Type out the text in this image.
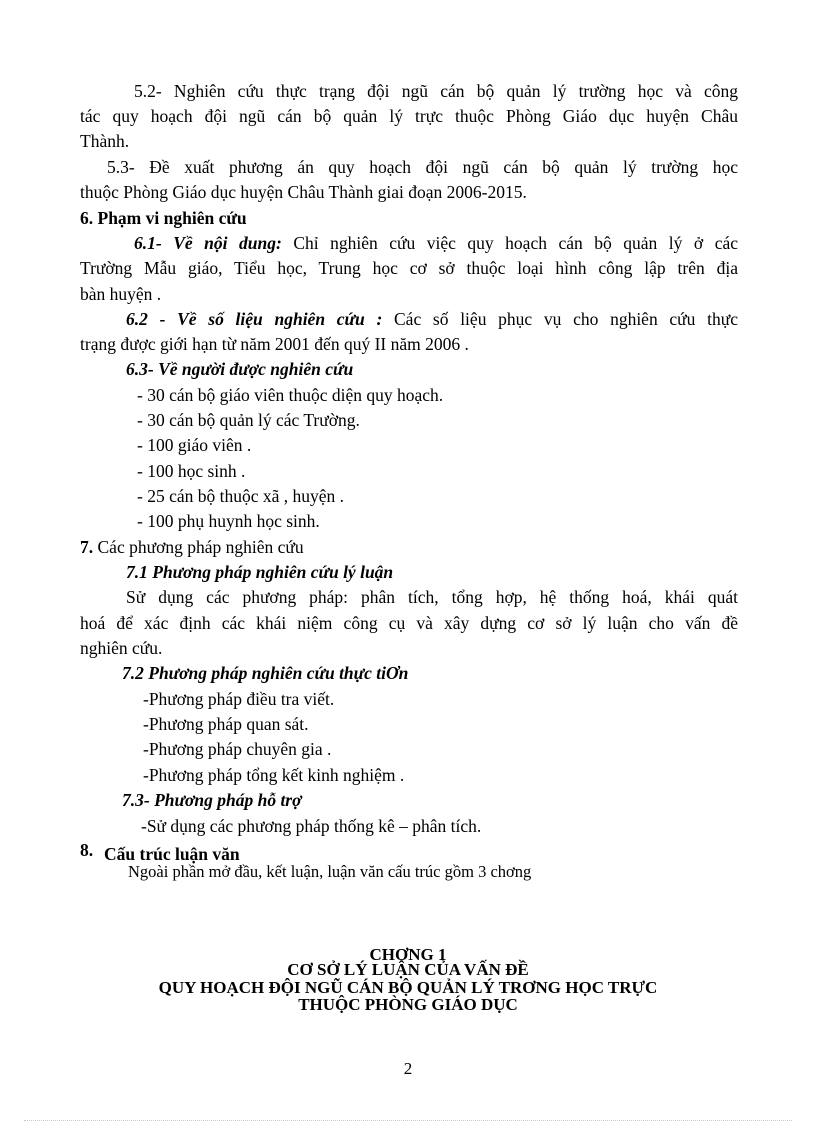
5.2- Nghiên cứu thực trạng đội ngũ cán bộ quản lý trường học và công
tác quy hoạch đội ngũ cán bộ quản lý trực thuộc Phòng Giáo dục huyện Châu
Thành.
5.3- Đề xuất phương án quy hoạch đội ngũ cán bộ quản lý trường học
thuộc Phòng Giáo dục huyện Châu Thành giai đoạn 2006-2015.
6. Phạm vi nghiên cứu
6.1- Về nội dung: Chỉ nghiên cứu việc quy hoạch cán bộ quản lý ở các
Trường Mẫu giáo, Tiểu học, Trung học cơ sở thuộc loại hình công lập trên địa
bàn huyện .
6.2 - Về số liệu nghiên cứu : Các số liệu phục vụ cho nghiên cứu thực
trạng được giới hạn từ năm 2001 đến quý II năm 2006 .
6.3- Về người được nghiên cứu
- 30 cán bộ giáo viên thuộc diện quy hoạch.
- 30 cán bộ quản lý các Trường.
- 100 giáo viên .
- 100 học sinh .
- 25 cán bộ thuộc xã , huyện .
- 100 phụ huynh học sinh.
7. Các phương pháp nghiên cứu
7.1 Phương pháp nghiên cứu lý luận
Sử dụng các phương pháp: phân tích, tổng hợp, hệ thống hoá, khái quát
hoá để xác định các khái niệm công cụ và xây dựng cơ sở lý luận cho vấn đề
nghiên cứu.
7.2 Phương pháp nghiên cứu thực tiƠn
-Phương pháp điều tra viết.
-Phương pháp quan sát.
-Phương pháp chuyên gia .
-Phương pháp tổng kết kinh nghiệm .
7.3- Phương pháp hỗ trợ
-Sử dụng các phương pháp thống kê – phân tích.
8. Cấu trúc luận văn
Ngoài phần mở đầu, kết luận, luận văn cấu trúc gồm 3 chơng
CHƠNG 1
CƠ SỞ LÝ LUẬN CỦA VẤN ĐỀ
QUY HOẠCH ĐỘI NGŨ CÁN BỘ QUẢN LÝ TRƠNG HỌC TRỰC
THUỘC PHÒNG GIÁO DỤC
2
